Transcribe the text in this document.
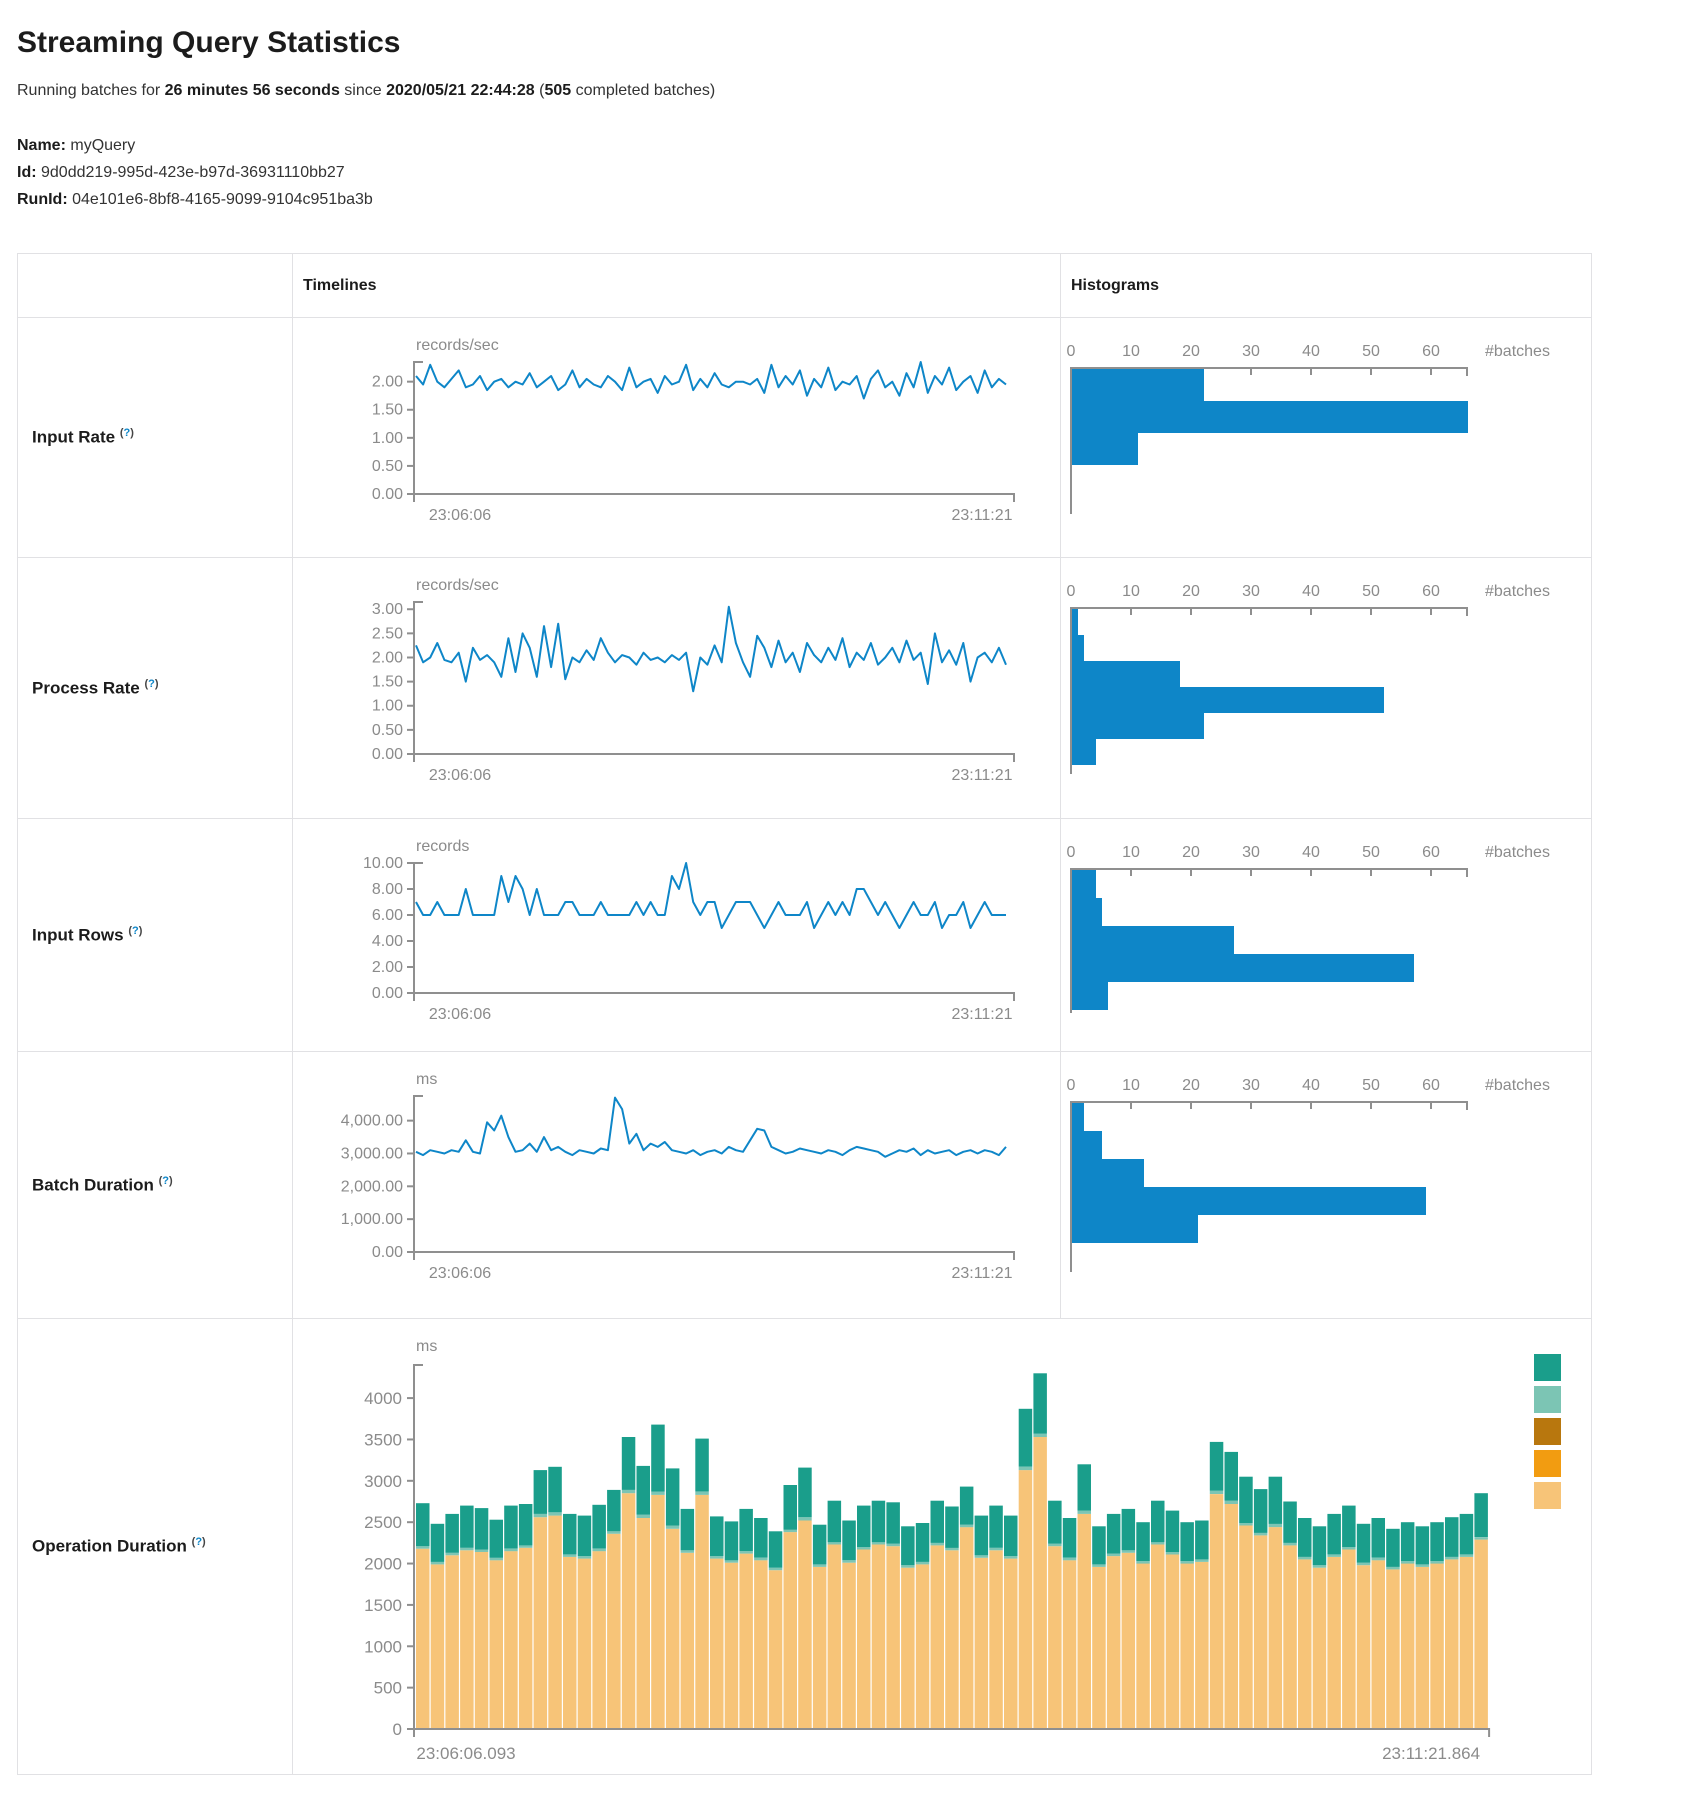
Streaming Query Statistics

Running batches for 26 minutes 56 seconds since 2020/05/21 22:44:28 (505 completed batches)

Name: myQuery
Id: 9d0dd219-995d-423e-b97d-36931110bb27
RunId: 04e101e6-8bf8-4165-9099-9104c951ba3b
	Timelines	Histograms
Input Rate (?)	
records/sec
2.00
1.50
1.00
0.50
0.00
23:06:06	23:11:21

0	10	20	30	40	50	60	#batches

Process Rate (?)	
records/sec
3.00
2.50
2.00
1.50
1.00
0.50
0.00
23:06:06	23:11:21

0	10	20	30	40	50	60	#batches

Input Rows (?)	
records
10.00
8.00
6.00
4.00
2.00
0.00
23:06:06	23:11:21

0	10	20	30	40	50	60	#batches

Batch Duration (?)	
ms
4,000.00
3,000.00
2,000.00
1,000.00
0.00
23:06:06	23:11:21

0	10	20	30	40	50	60	#batches

Operation Duration (?)	
ms
4000
3500
3000
2500
2000
1500
1000
500
0
23:06:06.093	23:11:21.864
